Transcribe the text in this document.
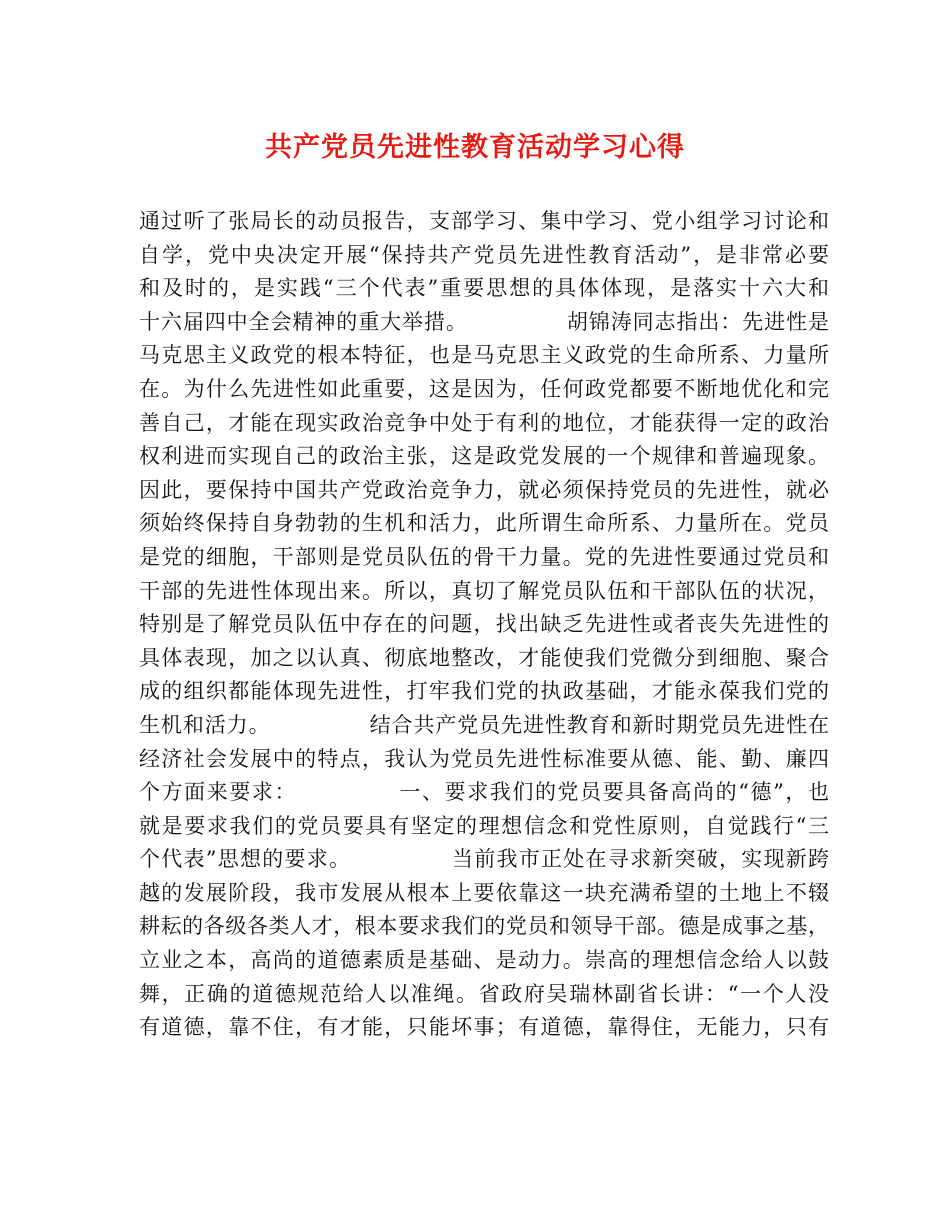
共产党员先进性教育活动学习心得
通过听了张局长的动员报告，支部学习、集中学习、党小组学习讨论和
自学，党中央决定开展“保持共产党员先进性教育活动”，是非常必要
和及时的，是实践“三个代表”重要思想的具体体现，是落实十六大和
十六届四中全会精神的重大举措。　　　　　胡锦涛同志指出：先进性是
马克思主义政党的根本特征，也是马克思主义政党的生命所系、力量所
在。为什么先进性如此重要，这是因为，任何政党都要不断地优化和完
善自己，才能在现实政治竞争中处于有利的地位，才能获得一定的政治
权利进而实现自己的政治主张，这是政党发展的一个规律和普遍现象。
因此，要保持中国共产党政治竞争力，就必须保持党员的先进性，就必
须始终保持自身勃勃的生机和活力，此所谓生命所系、力量所在。党员
是党的细胞，干部则是党员队伍的骨干力量。党的先进性要通过党员和
干部的先进性体现出来。所以，真切了解党员队伍和干部队伍的状况，
特别是了解党员队伍中存在的问题，找出缺乏先进性或者丧失先进性的
具体表现，加之以认真、彻底地整改，才能使我们党微分到细胞、聚合
成的组织都能体现先进性，打牢我们党的执政基础，才能永葆我们党的
生机和活力。　　　　　结合共产党员先进性教育和新时期党员先进性在
经济社会发展中的特点，我认为党员先进性标准要从德、能、勤、廉四
个方面来要求：　　　　　一、要求我们的党员要具备高尚的“德”，也
就是要求我们的党员要具有坚定的理想信念和党性原则，自觉践行“三
个代表”思想的要求。　　　　　当前我市正处在寻求新突破，实现新跨
越的发展阶段，我市发展从根本上要依靠这一块充满希望的土地上不辍
耕耘的各级各类人才，根本要求我们的党员和领导干部。德是成事之基，
立业之本，高尚的道德素质是基础、是动力。崇高的理想信念给人以鼓
舞，正确的道德规范给人以准绳。省政府吴瑞林副省长讲：“一个人没
有道德，靠不住，有才能，只能坏事；有道德，靠得住，无能力，只有
